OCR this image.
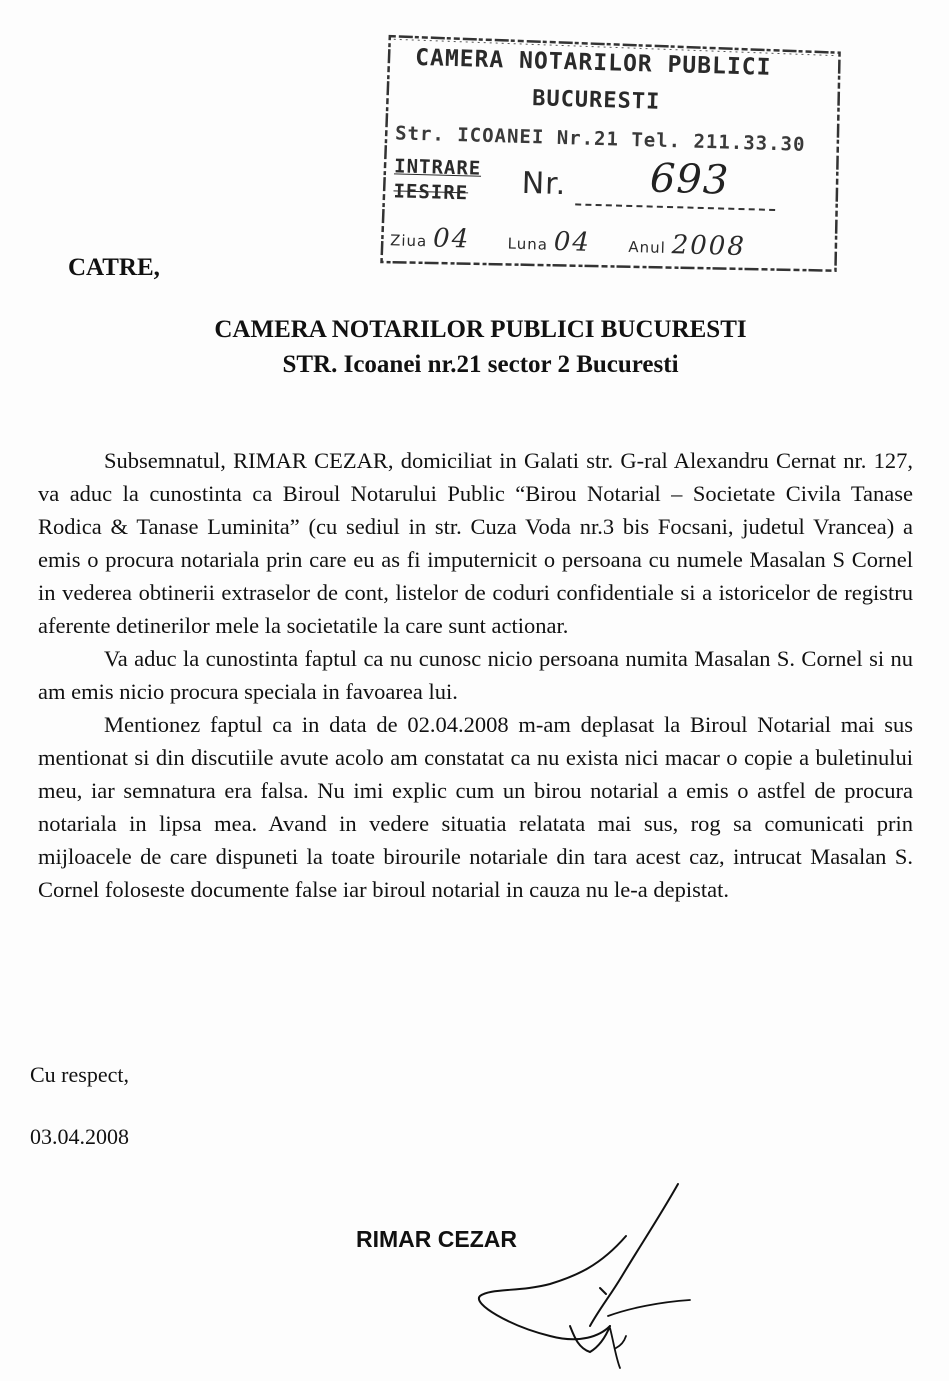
CAMERA NOTARILOR PUBLICI
BUCURESTI
Str. ICOANEI Nr.21 Tel. 211.33.30
INTRARE
IESIRE Nr. 693
Ziua 04 Luna 04 Anul 2008
CATRE,
CAMERA NOTARILOR PUBLICI BUCURESTI
STR. Icoanei nr.21 sector 2 Bucuresti

Subsemnatul, RIMAR CEZAR, domiciliat in Galati str. G-ral Alexandru Cernat nr. 127, va aduc la cunostinta ca Biroul Notarului Public “Birou Notarial – Societate Civila Tanase Rodica & Tanase Luminita” (cu sediul in str. Cuza Voda nr.3 bis Focsani, judetul Vrancea) a emis o procura notariala prin care eu as fi imputernicit o persoana cu numele Masalan S Cornel in vederea obtinerii extraselor de cont, listelor de coduri confidentiale si a istoricelor de registru aferente detinerilor mele la societatile la care sunt actionar.

Va aduc la cunostinta faptul ca nu cunosc nicio persoana numita Masalan S. Cornel si nu am emis nicio procura speciala in favoarea lui.

Mentionez faptul ca in data de 02.04.2008 m-am deplasat la Biroul Notarial mai sus mentionat si din discutiile avute acolo am constatat ca nu exista nici macar o copie a buletinului meu, iar semnatura era falsa. Nu imi explic cum un birou notarial a emis o astfel de procura notariala in lipsa mea. Avand in vedere situatia relatata mai sus, rog sa comunicati prin mijloacele de care dispuneti la toate birourile notariale din tara acest caz, intrucat Masalan S. Cornel foloseste documente false iar biroul notarial in cauza nu le-a depistat.

Cu respect,
03.04.2008
RIMAR CEZAR
